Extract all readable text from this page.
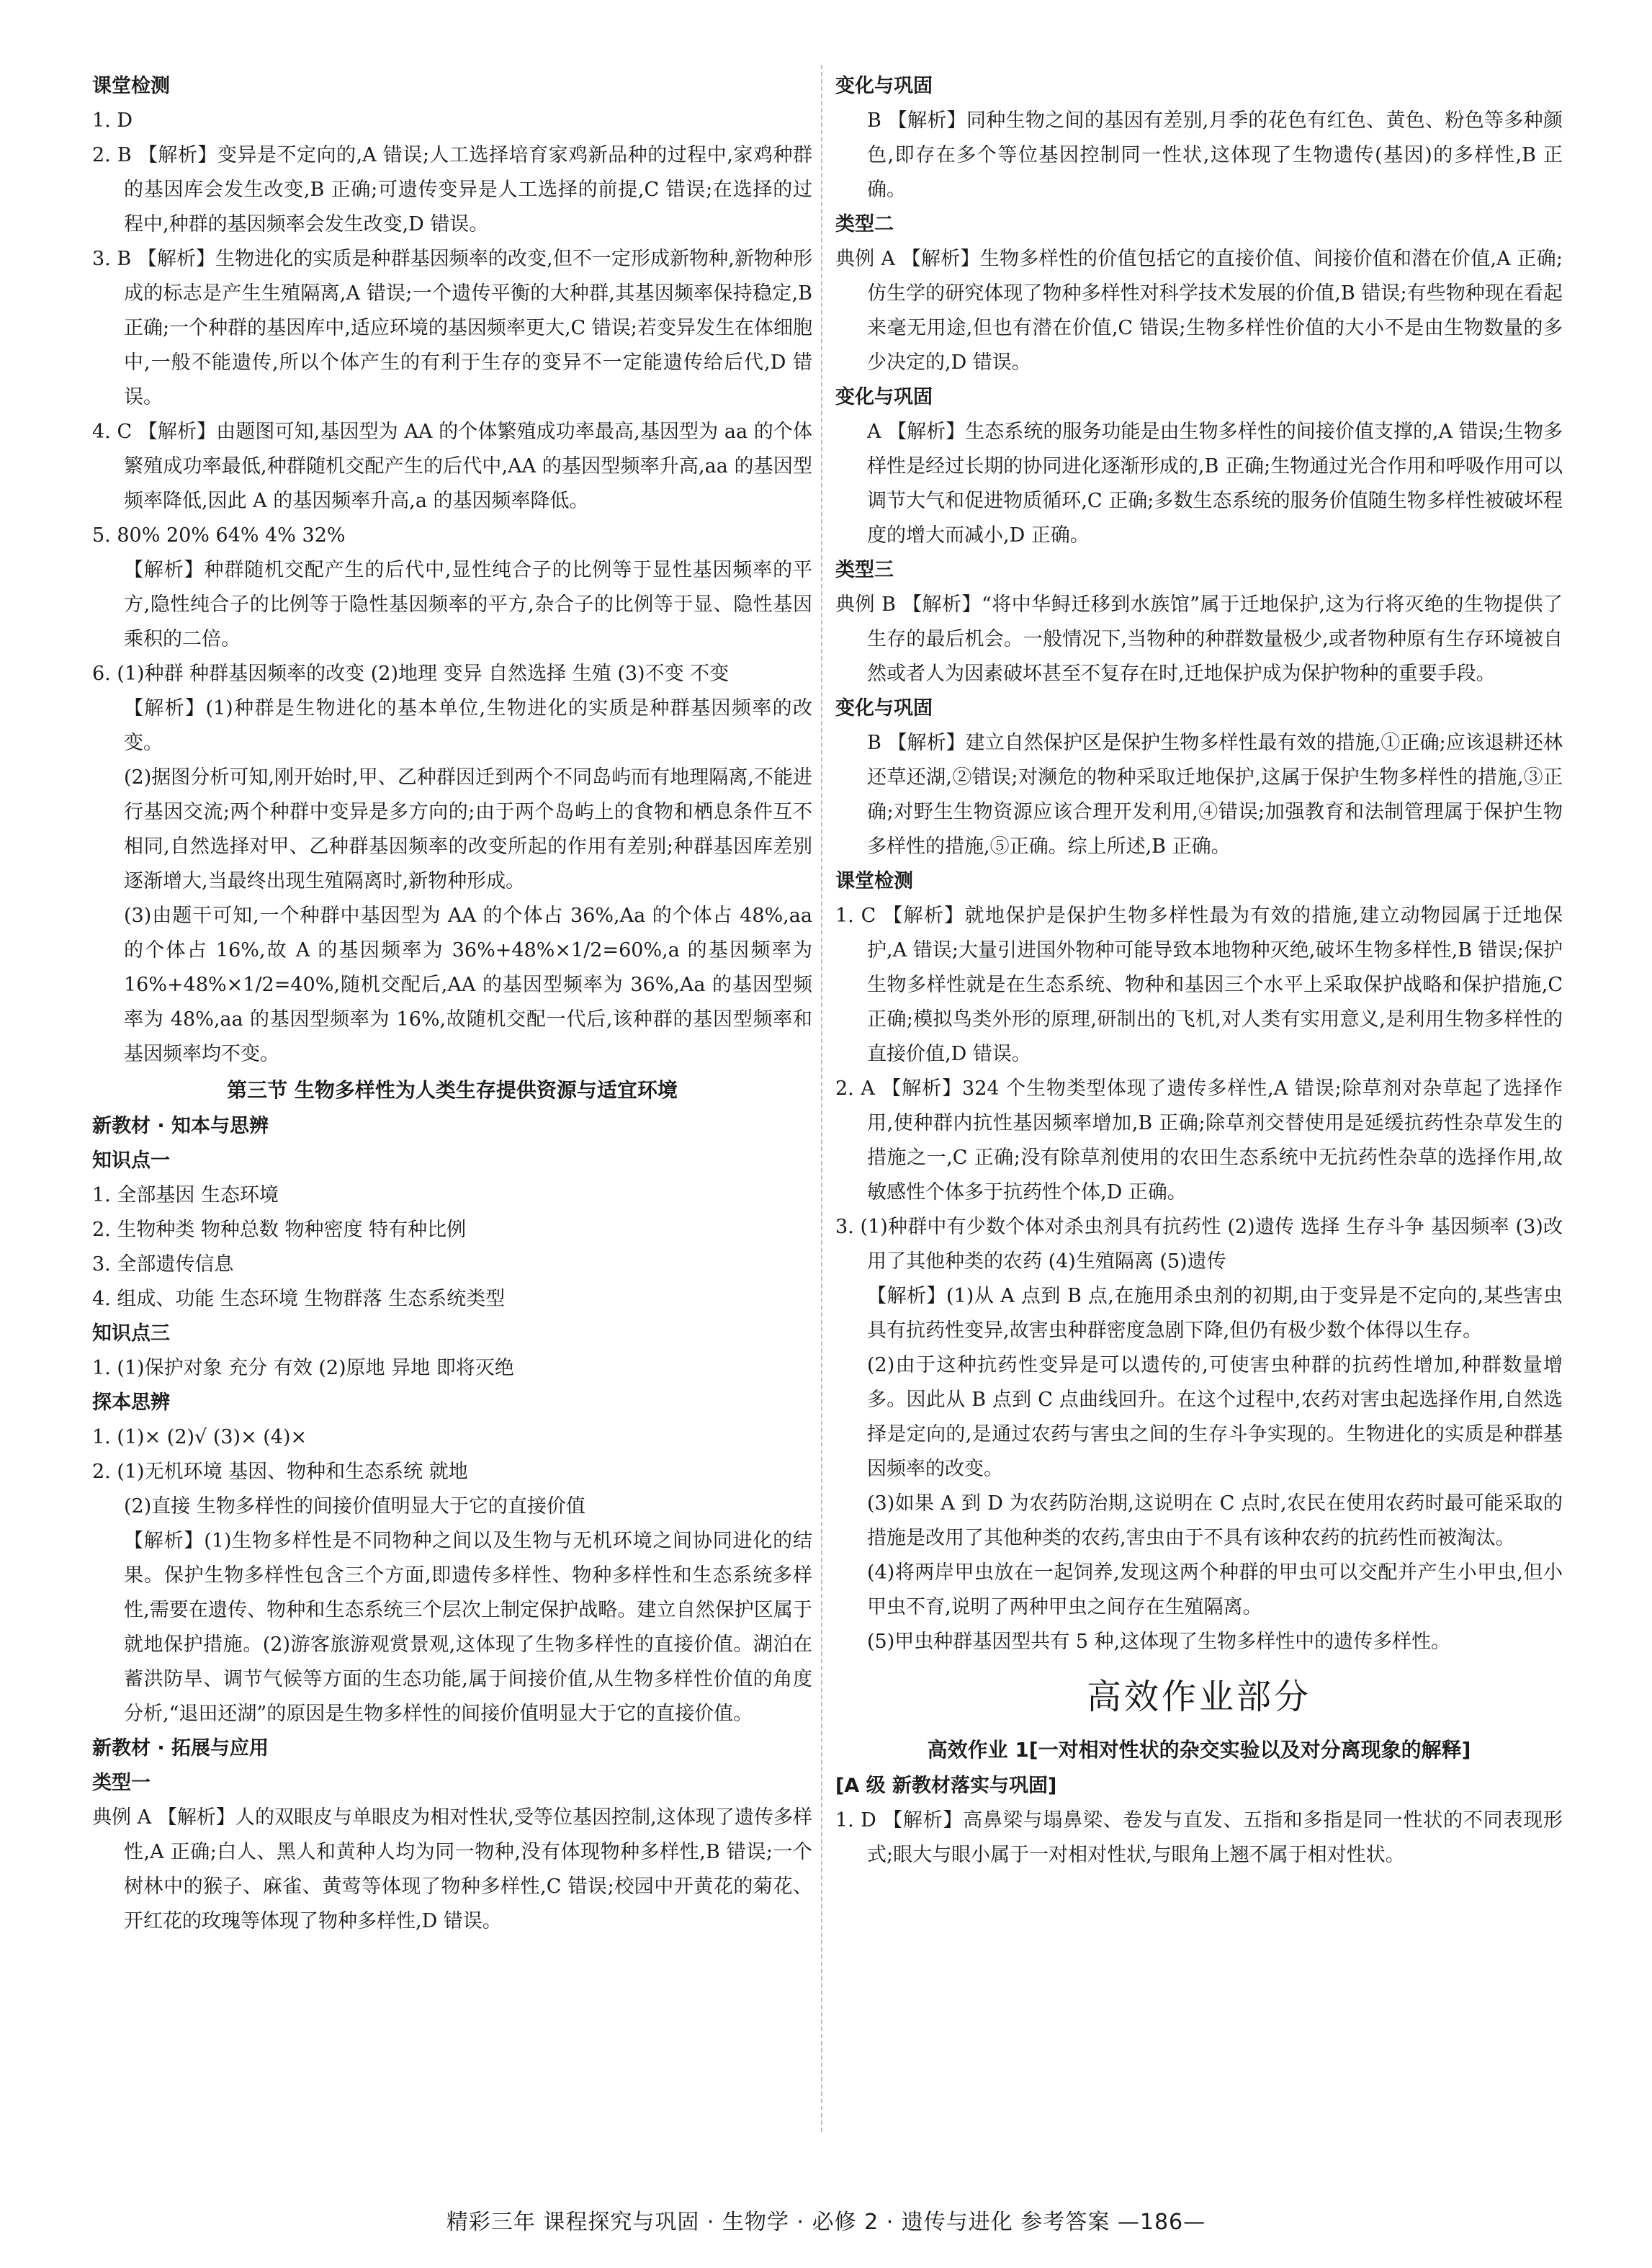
课堂检测
1. D
2. B 【解析】变异是不定向的,A 错误;人工选择培育家鸡新品种的过程中,家鸡种群的基因库会发生改变,B 正确;可遗传变异是人工选择的前提,C 错误;在选择的过程中,种群的基因频率会发生改变,D 错误。
3. B 【解析】生物进化的实质是种群基因频率的改变,但不一定形成新物种,新物种形成的标志是产生生殖隔离,A 错误;一个遗传平衡的大种群,其基因频率保持稳定,B 正确;一个种群的基因库中,适应环境的基因频率更大,C 错误;若变异发生在体细胞中,一般不能遗传,所以个体产生的有利于生存的变异不一定能遗传给后代,D 错误。
4. C 【解析】由题图可知,基因型为 AA 的个体繁殖成功率最高,基因型为 aa 的个体繁殖成功率最低,种群随机交配产生的后代中,AA 的基因型频率升高,aa 的基因型频率降低,因此 A 的基因频率升高,a 的基因频率降低。
5. 80% 20% 64% 4% 32%
【解析】种群随机交配产生的后代中,显性纯合子的比例等于显性基因频率的平方,隐性纯合子的比例等于隐性基因频率的平方,杂合子的比例等于显、隐性基因乘积的二倍。
6. (1)种群 种群基因频率的改变 (2)地理 变异 自然选择 生殖 (3)不变 不变
【解析】(1)种群是生物进化的基本单位,生物进化的实质是种群基因频率的改变。
(2)据图分析可知,刚开始时,甲、乙种群因迁到两个不同岛屿而有地理隔离,不能进行基因交流;两个种群中变异是多方向的;由于两个岛屿上的食物和栖息条件互不相同,自然选择对甲、乙种群基因频率的改变所起的作用有差别;种群基因库差别逐渐增大,当最终出现生殖隔离时,新物种形成。
(3)由题干可知,一个种群中基因型为 AA 的个体占 36%,Aa 的个体占 48%,aa 的个体占 16%,故 A 的基因频率为 36%+48%×1/2=60%,a 的基因频率为 16%+48%×1/2=40%,随机交配后,AA 的基因型频率为 36%,Aa 的基因型频率为 48%,aa 的基因型频率为 16%,故随机交配一代后,该种群的基因型频率和基因频率均不变。
第三节 生物多样性为人类生存提供资源与适宜环境
新教材 · 知本与思辨
知识点一
1. 全部基因 生态环境
2. 生物种类 物种总数 物种密度 特有种比例
3. 全部遗传信息
4. 组成、功能 生态环境 生物群落 生态系统类型
知识点三
1. (1)保护对象 充分 有效 (2)原地 异地 即将灭绝
探本思辨
1. (1)× (2)√ (3)× (4)×
2. (1)无机环境 基因、物种和生态系统 就地
(2)直接 生物多样性的间接价值明显大于它的直接价值
【解析】(1)生物多样性是不同物种之间以及生物与无机环境之间协同进化的结果。保护生物多样性包含三个方面,即遗传多样性、物种多样性和生态系统多样性,需要在遗传、物种和生态系统三个层次上制定保护战略。建立自然保护区属于就地保护措施。(2)游客旅游观赏景观,这体现了生物多样性的直接价值。湖泊在蓄洪防旱、调节气候等方面的生态功能,属于间接价值,从生物多样性价值的角度分析,“退田还湖”的原因是生物多样性的间接价值明显大于它的直接价值。
新教材 · 拓展与应用
类型一
典例 A 【解析】人的双眼皮与单眼皮为相对性状,受等位基因控制,这体现了遗传多样性,A 正确;白人、黑人和黄种人均为同一物种,没有体现物种多样性,B 错误;一个树林中的猴子、麻雀、黄莺等体现了物种多样性,C 错误;校园中开黄花的菊花、开红花的玫瑰等体现了物种多样性,D 错误。
变化与巩固
B 【解析】同种生物之间的基因有差别,月季的花色有红色、黄色、粉色等多种颜色,即存在多个等位基因控制同一性状,这体现了生物遗传(基因)的多样性,B 正确。
类型二
典例 A 【解析】生物多样性的价值包括它的直接价值、间接价值和潜在价值,A 正确;仿生学的研究体现了物种多样性对科学技术发展的价值,B 错误;有些物种现在看起来毫无用途,但也有潜在价值,C 错误;生物多样性价值的大小不是由生物数量的多少决定的,D 错误。
变化与巩固
A 【解析】生态系统的服务功能是由生物多样性的间接价值支撑的,A 错误;生物多样性是经过长期的协同进化逐渐形成的,B 正确;生物通过光合作用和呼吸作用可以调节大气和促进物质循环,C 正确;多数生态系统的服务价值随生物多样性被破坏程度的增大而减小,D 正确。
类型三
典例 B 【解析】“将中华鲟迁移到水族馆”属于迁地保护,这为行将灭绝的生物提供了生存的最后机会。一般情况下,当物种的种群数量极少,或者物种原有生存环境被自然或者人为因素破坏甚至不复存在时,迁地保护成为保护物种的重要手段。
变化与巩固
B 【解析】建立自然保护区是保护生物多样性最有效的措施,①正确;应该退耕还林还草还湖,②错误;对濒危的物种采取迁地保护,这属于保护生物多样性的措施,③正确;对野生生物资源应该合理开发利用,④错误;加强教育和法制管理属于保护生物多样性的措施,⑤正确。综上所述,B 正确。
课堂检测
1. C 【解析】就地保护是保护生物多样性最为有效的措施,建立动物园属于迁地保护,A 错误;大量引进国外物种可能导致本地物种灭绝,破坏生物多样性,B 错误;保护生物多样性就是在生态系统、物种和基因三个水平上采取保护战略和保护措施,C 正确;模拟鸟类外形的原理,研制出的飞机,对人类有实用意义,是利用生物多样性的直接价值,D 错误。
2. A 【解析】324 个生物类型体现了遗传多样性,A 错误;除草剂对杂草起了选择作用,使种群内抗性基因频率增加,B 正确;除草剂交替使用是延缓抗药性杂草发生的措施之一,C 正确;没有除草剂使用的农田生态系统中无抗药性杂草的选择作用,故敏感性个体多于抗药性个体,D 正确。
3. (1)种群中有少数个体对杀虫剂具有抗药性 (2)遗传 选择 生存斗争 基因频率 (3)改用了其他种类的农药 (4)生殖隔离 (5)遗传
【解析】(1)从 A 点到 B 点,在施用杀虫剂的初期,由于变异是不定向的,某些害虫具有抗药性变异,故害虫种群密度急剧下降,但仍有极少数个体得以生存。
(2)由于这种抗药性变异是可以遗传的,可使害虫种群的抗药性增加,种群数量增多。因此从 B 点到 C 点曲线回升。在这个过程中,农药对害虫起选择作用,自然选择是定向的,是通过农药与害虫之间的生存斗争实现的。生物进化的实质是种群基因频率的改变。
(3)如果 A 到 D 为农药防治期,这说明在 C 点时,农民在使用农药时最可能采取的措施是改用了其他种类的农药,害虫由于不具有该种农药的抗药性而被淘汰。
(4)将两岸甲虫放在一起饲养,发现这两个种群的甲虫可以交配并产生小甲虫,但小甲虫不育,说明了两种甲虫之间存在生殖隔离。
(5)甲虫种群基因型共有 5 种,这体现了生物多样性中的遗传多样性。
高效作业部分
高效作业 1[一对相对性状的杂交实验以及对分离现象的解释]
[A 级 新教材落实与巩固]
1. D 【解析】高鼻梁与塌鼻梁、卷发与直发、五指和多指是同一性状的不同表现形式;眼大与眼小属于一对相对性状,与眼角上翘不属于相对性状。
精彩三年 课程探究与巩固 · 生物学 · 必修 2 · 遗传与进化 参考答案 —186—
